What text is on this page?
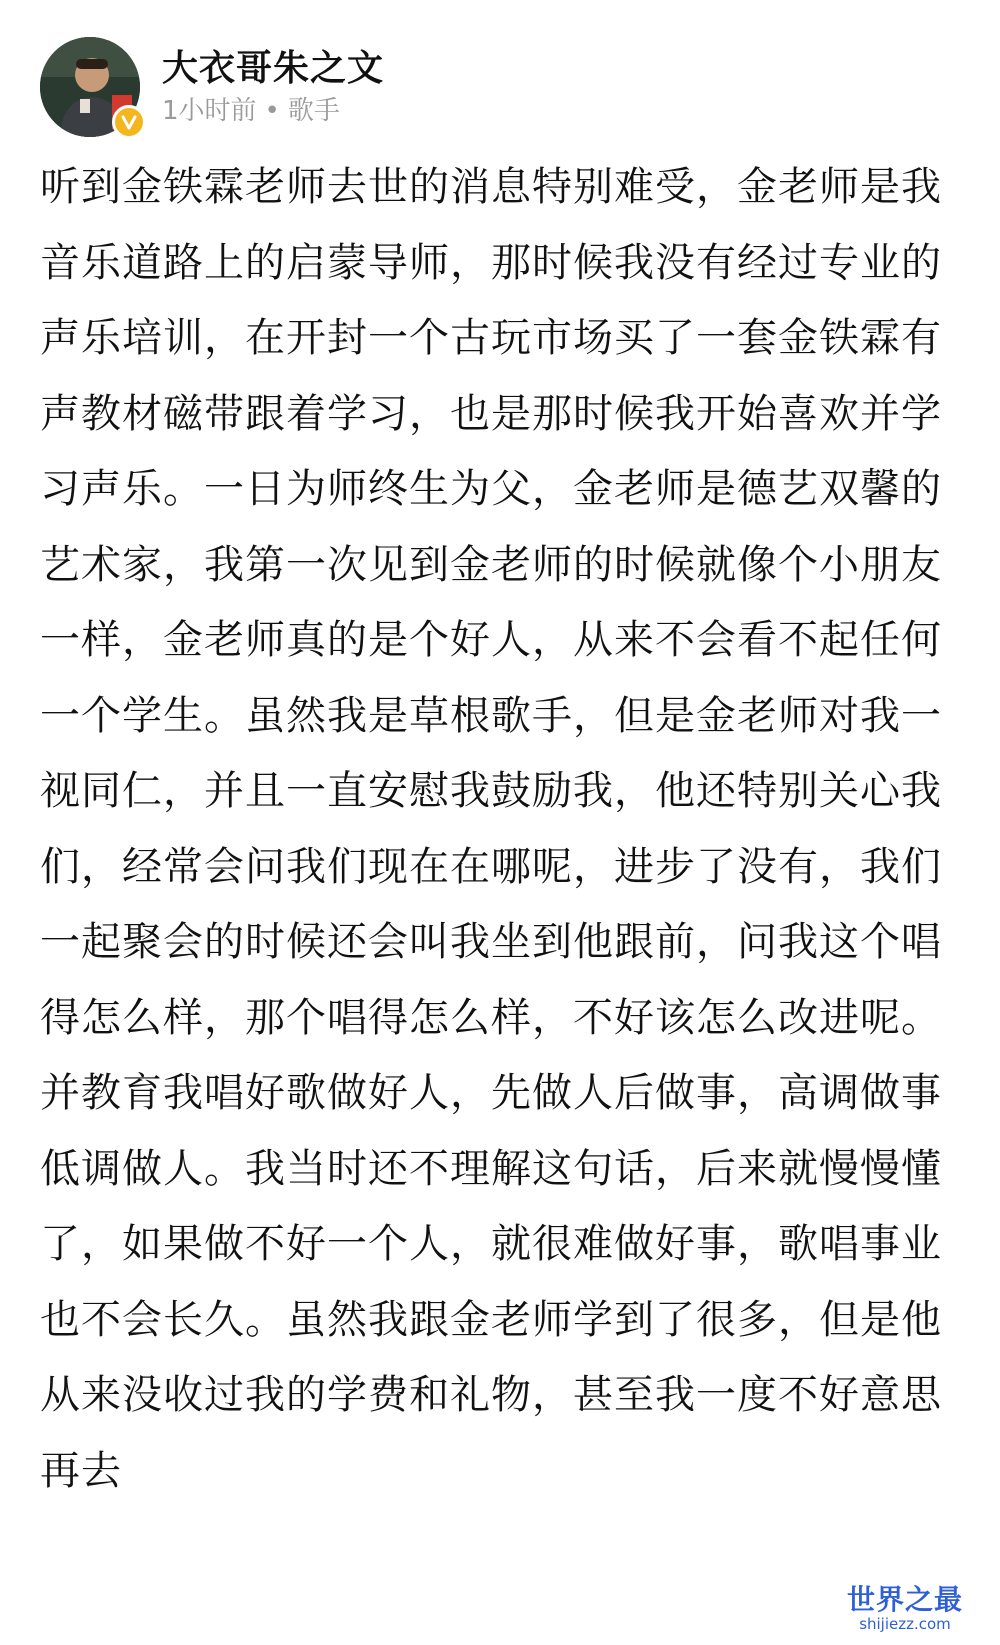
大衣哥朱之文
1小时前 • 歌手
听到金铁霖老师去世的消息特别难受，金老师是我音乐道路上的启蒙导师，那时候我没有经过专业的声乐培训，在开封一个古玩市场买了一套金铁霖有声教材磁带跟着学习，也是那时候我开始喜欢并学习声乐。一日为师终生为父，金老师是德艺双馨的艺术家，我第一次见到金老师的时候就像个小朋友一样，金老师真的是个好人，从来不会看不起任何一个学生。虽然我是草根歌手，但是金老师对我一视同仁，并且一直安慰我鼓励我，他还特别关心我们，经常会问我们现在在哪呢，进步了没有，我们一起聚会的时候还会叫我坐到他跟前，问我这个唱得怎么样，那个唱得怎么样，不好该怎么改进呢。并教育我唱好歌做好人，先做人后做事，高调做事低调做人。我当时还不理解这句话，后来就慢慢懂了，如果做不好一个人，就很难做好事，歌唱事业也不会长久。虽然我跟金老师学到了很多，但是他从来没收过我的学费和礼物，甚至我一度不好意思再去
世界之最
shijiezz.com
